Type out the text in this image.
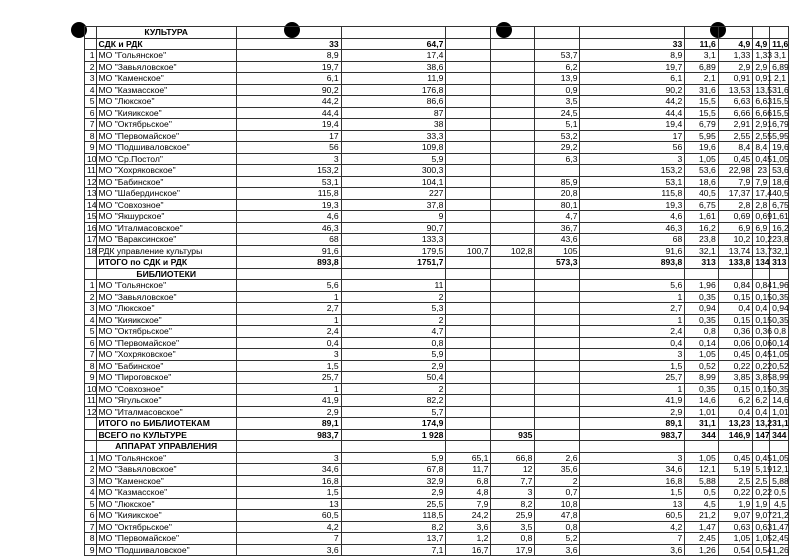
	КУЛЬТУРА										
	СДК и РДК	33	64,7				33	11,6	4,9	4,9	11,6
1	МО "Гольянское"	8,9	17,4			53,7	8,9	3,1	1,33	1,33	3,1
2	МО "Завьяловское"	19,7	38,6			6,2	19,7	6,89	2,9	2,9	6,89
3	МО "Каменское"	6,1	11,9			13,9	6,1	2,1	0,91	0,91	2,1
4	МО "Казмасское"	90,2	176,8			0,9	90,2	31,6	13,53	13,5	31,6
5	МО "Люкское"	44,2	86,6			3,5	44,2	15,5	6,63	6,63	15,5
6	МО "Кияикское"	44,4	87			24,5	44,4	15,5	6,66	6,66	15,5
7	МО "Октябрьское"	19,4	38			5,1	19,4	6,79	2,91	2,91	6,79
8	МО "Первомайское"	17	33,3			53,2	17	5,95	2,55	2,55	5,95
9	МО "Подшиваловское"	56	109,8			29,2	56	19,6	8,4	8,4	19,6
10	МО "Ср.Постол"	3	5,9			6,3	3	1,05	0,45	0,45	1,05
11	МО "Хохряковское"	153,2	300,3				153,2	53,6	22,98	23	53,6
12	МО "Бабинское"	53,1	104,1			85,9	53,1	18,6	7,9	7,9	18,6
13	МО "Шабердинское"	115,8	227			20,8	115,8	40,5	17,37	17,4	40,5
14	МО "Совхозное"	19,3	37,8			80,1	19,3	6,75	2,8	2,8	6,75
15	МО "Якшурское"	4,6	9			4,7	4,6	1,61	0,69	0,69	1,61
16	МО "Италмасовское"	46,3	90,7			36,7	46,3	16,2	6,9	6,9	16,2
17	МО "Вараксинское"	68	133,3			43,6	68	23,8	10,2	10,2	23,8
18	РДК управление культуры	91,6	179,5	100,7	102,8	105	91,6	32,1	13,74	13,7	32,1
	ИТОГО по СДК и РДК	893,8	1751,7			573,3	893,8	313	133,8	134	313
	БИБЛИОТЕКИ										
1	МО "Гольянское"	5,6	11				5,6	1,96	0,84	0,84	1,96
2	МО "Завьяловское"	1	2				1	0,35	0,15	0,15	0,35
3	МО "Люкское"	2,7	5,3				2,7	0,94	0,4	0,4	0,94
4	МО "Кияикское"	1	2				1	0,35	0,15	0,15	0,35
5	МО "Октябрьское"	2,4	4,7				2,4	0,8	0,36	0,36	0,8
6	МО "Первомайское"	0,4	0,8				0,4	0,14	0,06	0,06	0,14
7	МО "Хохряковское"	3	5,9				3	1,05	0,45	0,45	1,05
8	МО "Бабинское"	1,5	2,9				1,5	0,52	0,22	0,22	0,52
9	МО "Пироговское"	25,7	50,4				25,7	8,99	3,85	3,85	8,99
10	МО "Совхозное"	1	2				1	0,35	0,15	0,15	0,35
11	МО "Ягульское"	41,9	82,2				41,9	14,6	6,2	6,2	14,6
12	МО "Италмасовское"	2,9	5,7				2,9	1,01	0,4	0,4	1,01
	ИТОГО по БИБЛИОТЕКАМ	89,1	174,9				89,1	31,1	13,23	13,2	31,1
	ВСЕГО по КУЛЬТУРЕ	983,7	1 928		935		983,7	344	146,9	147	344
	АППАРАТ УПРАВЛЕНИЯ										
1	МО "Гольянское"	3	5,9	65,1	66,8	2,6	3	1,05	0,45	0,45	1,05
2	МО "Завьяловское"	34,6	67,8	11,7	12	35,6	34,6	12,1	5,19	5,19	12,1
3	МО "Каменское"	16,8	32,9	6,8	7,7	2	16,8	5,88	2,5	2,5	5,88
4	МО "Казмасское"	1,5	2,9	4,8	3	0,7	1,5	0,5	0,22	0,22	0,5
5	МО "Люкское"	13	25,5	7,9	8,2	10,8	13	4,5	1,9	1,9	4,5
6	МО "Кияикское"	60,5	118,5	24,2	25,9	47,8	60,5	21,2	9,07	9,07	21,2
7	МО "Октябрьское"	4,2	8,2	3,6	3,5	0,8	4,2	1,47	0,63	0,63	1,47
8	МО "Первомайское"	7	13,7	1,2	0,8	5,2	7	2,45	1,05	1,05	2,45
9	МО "Подшиваловское"	3,6	7,1	16,7	17,9	3,6	3,6	1,26	0,54	0,54	1,26
